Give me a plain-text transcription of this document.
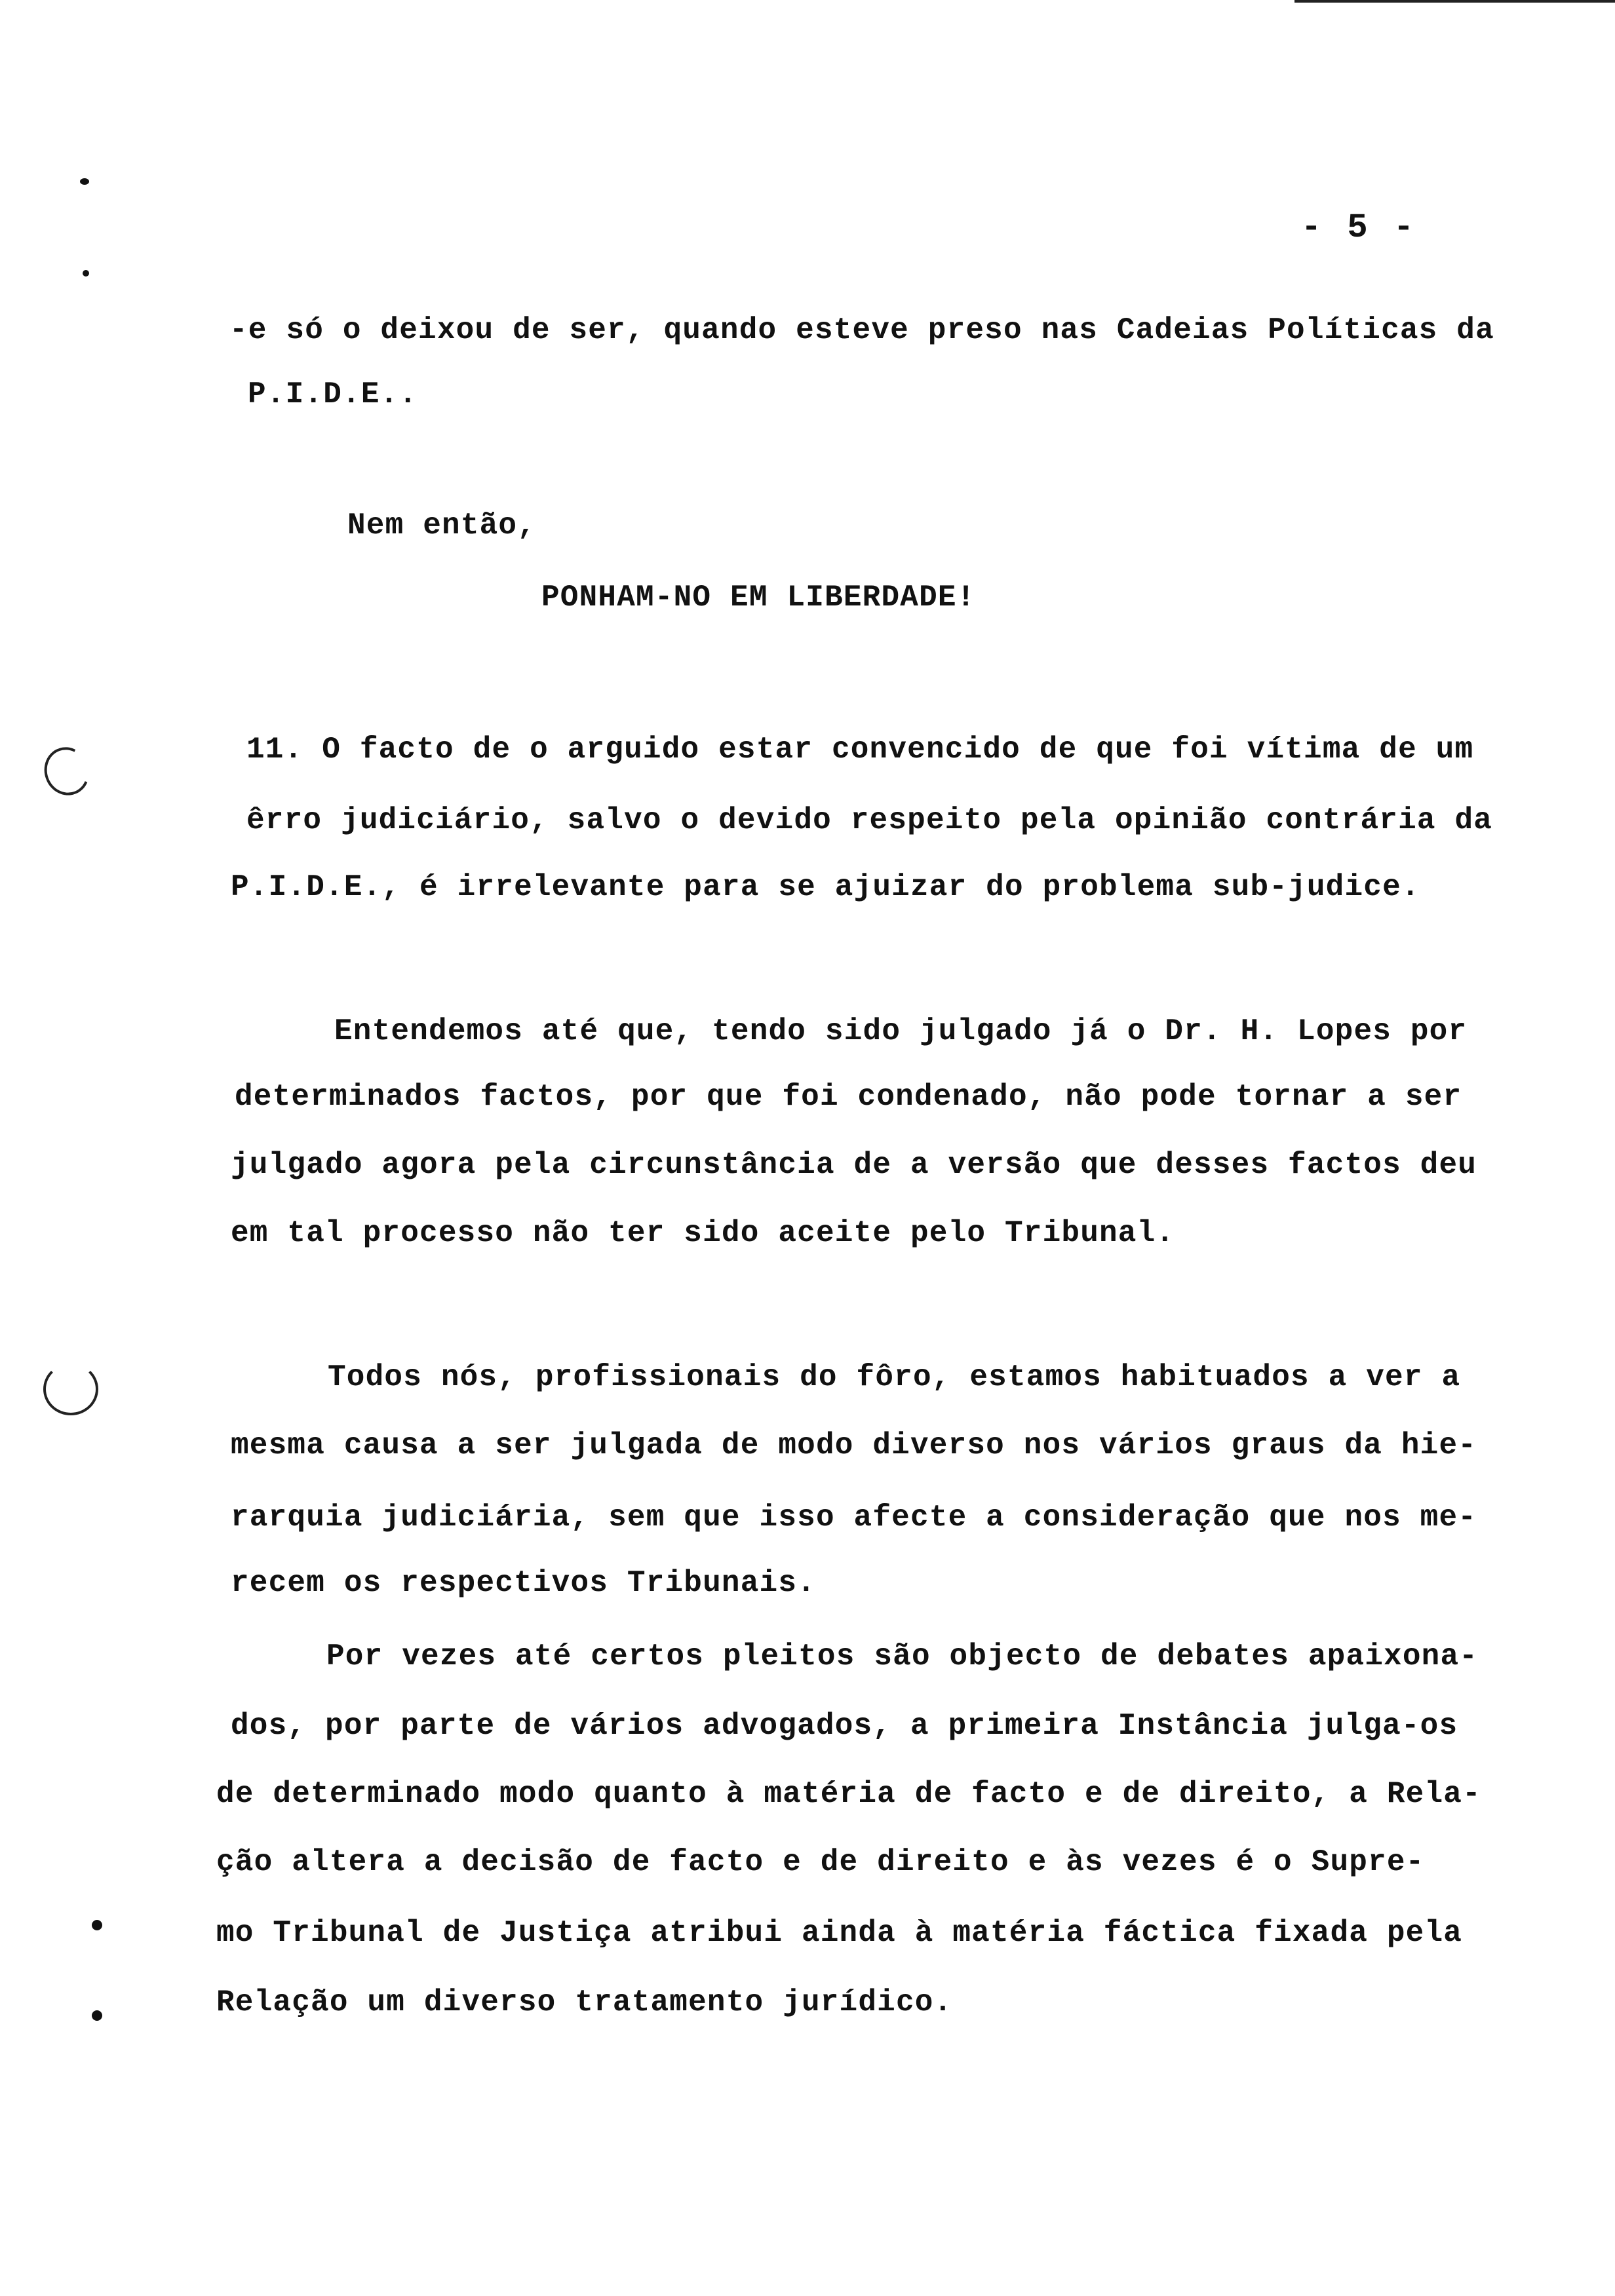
- 5 -
-e só o deixou de ser, quando esteve preso nas Cadeias Políticas da
P.I.D.E..
Nem então,
PONHAM-NO EM LIBERDADE!
11. O facto de o arguido estar convencido de que foi vítima de um
êrro judiciário, salvo o devido respeito pela opinião contrária da
P.I.D.E., é irrelevante para se ajuizar do problema sub-judice.
Entendemos até que, tendo sido julgado já o Dr. H. Lopes por
determinados factos, por que foi condenado, não pode tornar a ser
julgado agora pela circunstância de a versão que desses factos deu
em tal processo não ter sido aceite pelo Tribunal.
Todos nós, profissionais do fôro, estamos habituados a ver a
mesma causa a ser julgada de modo diverso nos vários graus da hie-
rarquia judiciária, sem que isso afecte a consideração que nos me-
recem os respectivos Tribunais.
Por vezes até certos pleitos são objecto de debates apaixona-
dos, por parte de vários advogados, a primeira Instância julga-os
de determinado modo quanto à matéria de facto e de direito, a Rela-
ção altera a decisão de facto e de direito e às vezes é o Supre-
mo Tribunal de Justiça atribui ainda à matéria fáctica fixada pela
Relação um diverso tratamento jurídico.
